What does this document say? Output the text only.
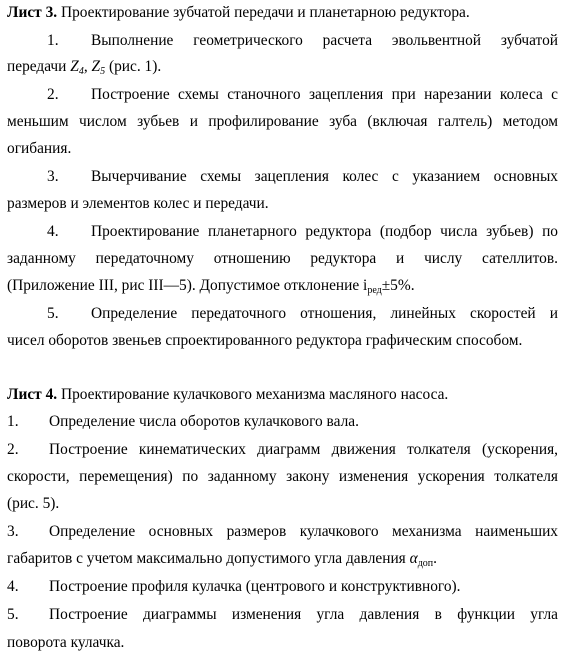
Лист 3. Проектирование зубчатой передачи и планетарною редуктора.
1. Выполнение геометрического расчета эвольвентной зубчатой
передачи $Z_4$, $Z_5$ (рис. 1).
2. Построение схемы станочного зацепления при нарезании колеса с
меньшим числом зубьев и профилирование зуба (включая галтель) методом
огибания.
3. Вычерчивание схемы зацепления колес с указанием основных
размеров и элементов колес и передачи.
4. Проектирование планетарного редуктора (подбор числа зубьев) по
заданному передаточному отношению редуктора и числу сателлитов.
(Приложение III, рис III—5). Допустимое отклонение $i_{ред}\pm 5\%$.
5. Определение передаточного отношения, линейных скоростей и
чисел оборотов звеньев спроектированного редуктора графическим способом.
Лист 4. Проектирование кулачкового механизма масляного насоса.
1. Определение числа оборотов кулачкового вала.
2. Построение кинематических диаграмм движения толкателя (ускорения,
скорости, перемещения) по заданному закону изменения ускорения толкателя
(рис. 5).
3. Определение основных размеров кулачкового механизма наименьших
габаритов с учетом максимально допустимого угла давления $\alpha_{доп}$.
4. Построение профиля кулачка (центрового и конструктивного).
5. Построение диаграммы изменения угла давления в функции угла
поворота кулачка.
